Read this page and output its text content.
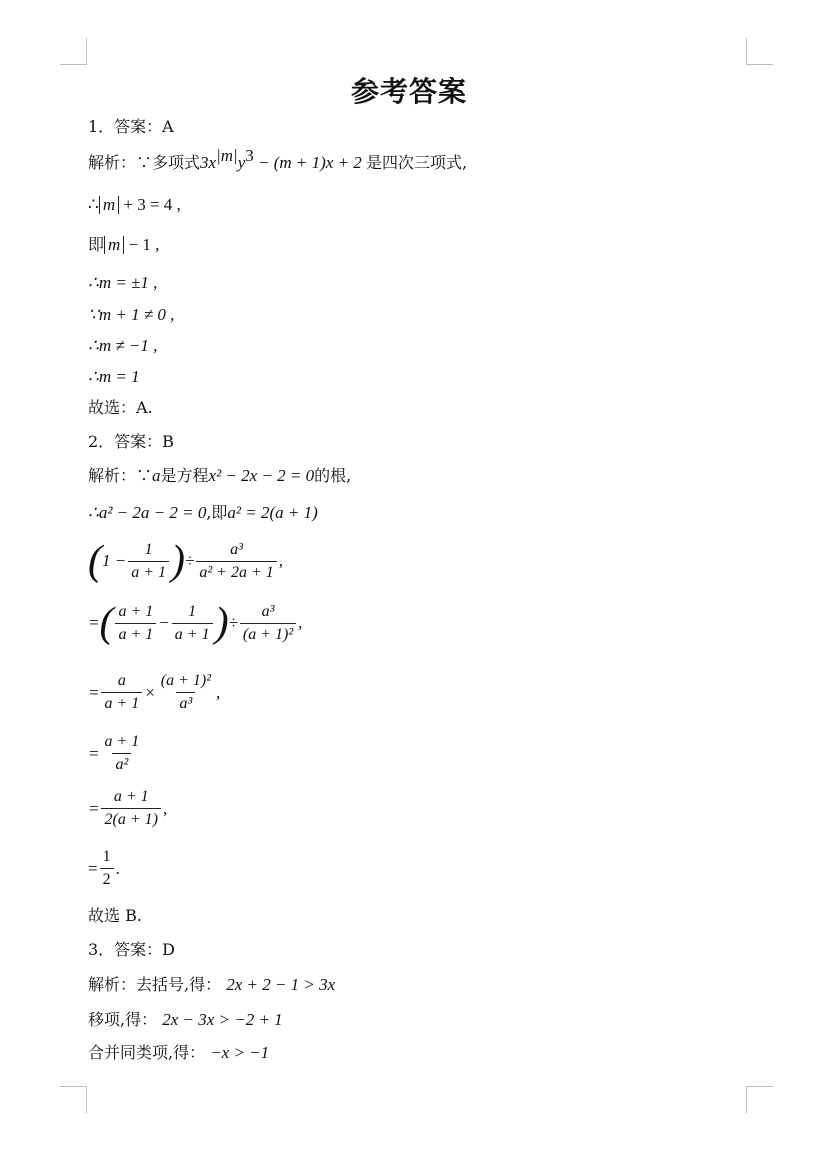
参考答案
1．答案：A
解析：∵多项式$3x^{|m|}y^3 - (m + 1)x + 2$ 是四次三项式,
∴ m + 3 = 4 ,
即 m − 1 ,
∴m = ±1 ,
∵m + 1 ≠ 0 ,
∴m ≠ −1 ,
∴m = 1
故选：A.
2．答案：B
解析：∵a是方程x² − 2x − 2 = 0的根,
∴a² − 2a − 2 = 0,即a² = 2(a + 1)
( $1 - \frac{1}{a + 1}$ ) ÷ $\frac{\text{a³}}{\text{a² + 2a + 1}}$ ,
= ( $\frac{a + 1}{a + 1} - \frac{1}{a + 1}$ ) ÷ $\frac{\text{a³}}{\text{(a + 1)²}}$ ,
= $\frac{a}{a + 1} \times \frac{\text{(a + 1)²}}{\text{a³}}$ ,
= $\frac{a + 1}{\text{a²}}$
= $\frac{a + 1}{2(a + 1)}$ ,
= $\frac{1}{2}$ .
故选 B.
3．答案：D
解析：去括号,得： 2x + 2 − 1 > 3x
移项,得： 2x − 3x > −2 + 1
合并同类项,得： −x > −1
